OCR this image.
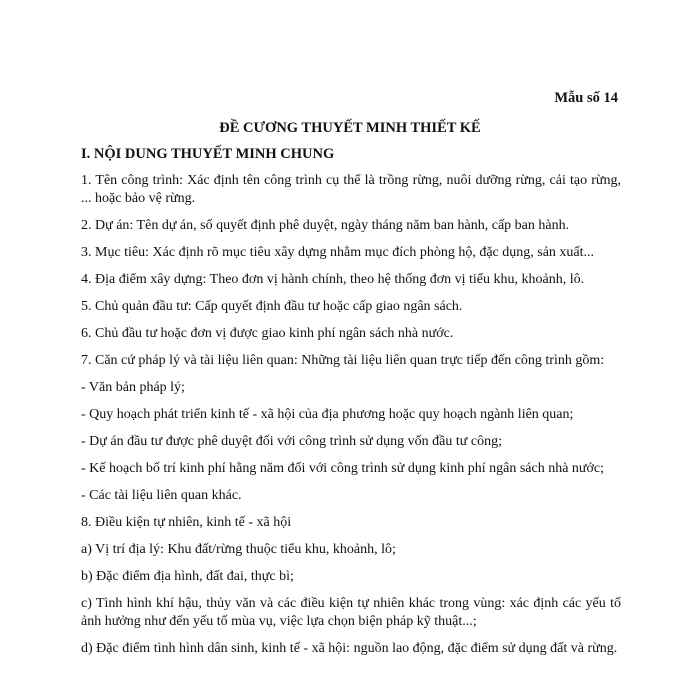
Mẫu số 14
ĐỀ CƯƠNG THUYẾT MINH THIẾT KẾ
I. NỘI DUNG THUYẾT MINH CHUNG

1. Tên công trình: Xác định tên công trình cụ thể là trồng rừng, nuôi dưỡng rừng, cải tạo rừng, ... hoặc bảo vệ rừng.

2. Dự án: Tên dự án, số quyết định phê duyệt, ngày tháng năm ban hành, cấp ban hành.

3. Mục tiêu: Xác định rõ mục tiêu xây dựng nhằm mục đích phòng hộ, đặc dụng, sản xuất...

4. Địa điểm xây dựng: Theo đơn vị hành chính, theo hệ thống đơn vị tiểu khu, khoảnh, lô.

5. Chủ quản đầu tư: Cấp quyết định đầu tư hoặc cấp giao ngân sách.

6. Chủ đầu tư hoặc đơn vị được giao kinh phí ngân sách nhà nước.

7. Căn cứ pháp lý và tài liệu liên quan: Những tài liệu liên quan trực tiếp đến công trình gồm:

- Văn bản pháp lý;

- Quy hoạch phát triển kinh tế - xã hội của địa phương hoặc quy hoạch ngành liên quan;

- Dự án đầu tư được phê duyệt đối với công trình sử dụng vốn đầu tư công;

- Kế hoạch bố trí kinh phí hằng năm đối với công trình sử dụng kinh phí ngân sách nhà nước;

- Các tài liệu liên quan khác.

8. Điều kiện tự nhiên, kinh tế - xã hội

a) Vị trí địa lý: Khu đất/rừng thuộc tiểu khu, khoảnh, lô;

b) Đặc điểm địa hình, đất đai, thực bì;

c) Tình hình khí hậu, thủy văn và các điều kiện tự nhiên khác trong vùng: xác định các yếu tố ảnh hưởng như đến yếu tố mùa vụ, việc lựa chọn biện pháp kỹ thuật...;

d) Đặc điểm tình hình dân sinh, kinh tế - xã hội: nguồn lao động, đặc điểm sử dụng đất và rừng.
